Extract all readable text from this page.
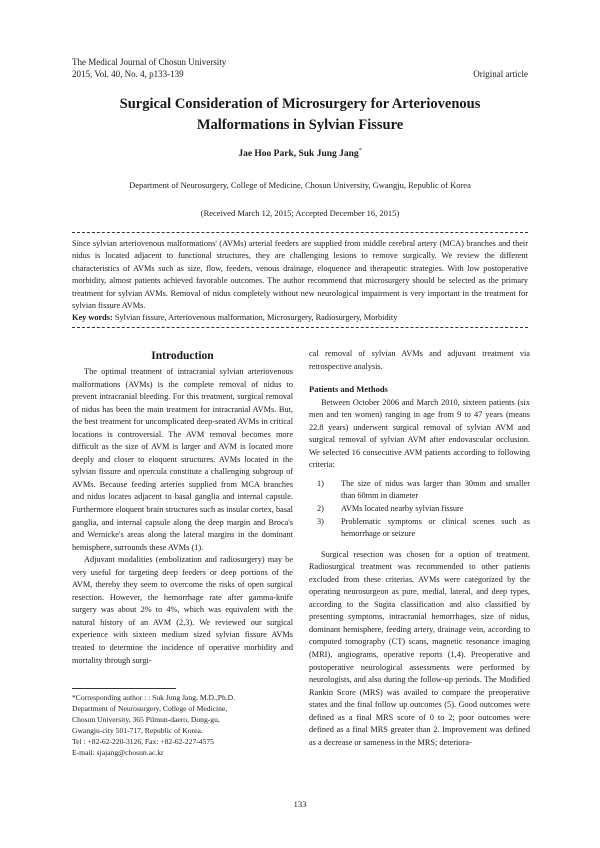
The Medical Journal of Chosun University
2015, Vol. 40, No. 4, p133-139	Original article
Surgical Consideration of Microsurgery for Arteriovenous
Malformations in Sylvian Fissure
Jae Hoo Park, Suk Jung Jang*
Department of Neurosurgery, College of Medicine, Chosun University, Gwangju, Republic of Korea
(Received March 12, 2015; Accepted December 16, 2015)
Since sylvian arteriovenous malformations' (AVMs) arterial feeders are supplied from middle cerebral artery (MCA) branches and their nidus is located adjacent to functional structures, they are challenging lesions to remove surgically. We review the different characteristics of AVMs such as size, flow, feeders, venous drainage, eloquence and therapeutic strategies. With low postoperative morbidity, almost patients achieved favorable outcomes. The author recommend that microsurgery should be selected as the primary treatment for sylvian AVMs. Removal of nidus completely without new neurological impairment is very important in the treatment for sylvian fissure AVMs.
Key words: Sylvian fissure, Arteriovenous malformation, Microsurgery, Radiosurgery, Morbidity
Introduction

The optimal treatment of intracranial sylvian arteriovenous malformations (AVMs) is the complete removal of nidus to prevent intracranial bleeding. For this treatment, surgical removal of nidus has been the main treatment for intracranial AVMs. But, the best treatment for uncomplicated deep-seated AVMs in critical locations is controversial. The AVM removal becomes more difficult as the size of AVM is larger and AVM is located more deeply and closer to eloquent structures. AVMs located in the sylvian fissure and opercula constitute a challenging subgroup of AVMs. Because feeding arteries supplied from MCA branches and nidus locates adjacent to basal ganglia and internal capsule. Furthermore eloquent brain structures such as insular cortex, basal ganglia, and internal capsule along the deep margin and Broca's and Wernicke's areas along the lateral margins in the dominant hemisphere, surrounds these AVMs (1).

Adjuvant modalities (embolization and radiosurgery) may be very useful for targeting deep feeders or deep portions of the AVM, thereby they seem to overcome the risks of open surgical resection. However, the hemorrhage rate after gamma-knife surgery was about 2% to 4%, which was equivalent with the natural history of an AVM (2,3). We reviewed our surgical experience with sixteen medium sized sylvian fissure AVMs treated to determine the incidence of operative morbidity and mortality through surgi-

cal removal of sylvian AVMs and adjuvant treatment via retrospective analysis.

Patients and Methods

Between October 2006 and March 2010, sixteen patients (six men and ten women) ranging in age from 9 to 47 years (means 22.8 years) underwent surgical removal of sylvian AVM and surgical removal of sylvian AVM after endovascular occlusion. We selected 16 consecutive AVM patients according to following criteria:

1) The size of nidus was larger than 30mm and smaller than 60mm in diameter
2) AVMs located nearby sylvian fissure
3) Problematic symptoms or clinical scenes such as hemorrhage or seizure

Surgical resection was chosen for a option of treatment. Radiosurgical treatment was recommended to other patients excluded from these criterias. AVMs were categorized by the operating neurosurgeon as pure, medial, lateral, and deep types, according to the Sugita classification and also classified by presenting symptoms, intracranial hemorrhages, size of nidus, dominant hemisphere, feeding artery, drainage vein, according to computed tomography (CT) scans, magnetic resonance imaging (MRI), angiograms, operative reports (1,4). Preoperative and postoperative neurological assessments were performed by neurologists, and also during the follow-up periods. The Modified Rankin Score (MRS) was availed to compare the preoperative states and the final follow up outcomes (5). Good outcomes were defined as a final MRS score of 0 to 2; poor outcomes were defined as a final MRS greater than 2. Improvement was defined as a decrease or sameness in the MRS; deteriora-

*Corresponding author : : Suk Jung Jang, M.D.,Ph.D.
Department of Neurosurgery, College of Medicine,
Chosun University, 365 Pilmun-daero, Dong-gu,
Gwangju-city 501-717, Republic of Korea.
Tel : +82-62-220-3126, Fax: +82-62-227-4575
E-mail: sjajang@chosun.ac.kr
133
